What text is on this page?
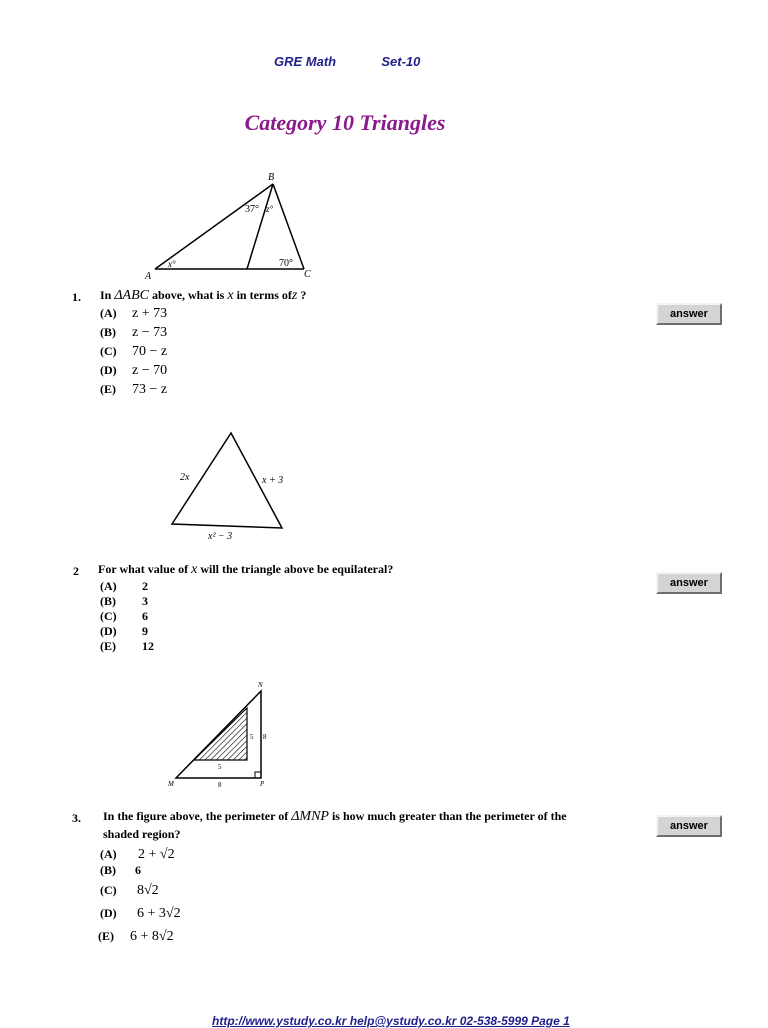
GRE Math	Set-10
Category 10 Triangles
B
A	C
37° z°
x°	70°
1. In ΔABC above, what is x in terms ofz ?
answer
(A) z + 73
(B) z − 73
(C) 70 − z
(D) z − 70
(E) 73 − z
2x	x + 3
x² − 3
2 For what value of x will the triangle above be equilateral?
answer
(A) 2
(B) 3
(C) 6
(D) 9
(E) 12
N
M	P
5 8
5
8
3. In the figure above, the perimeter of ΔMNP is how much greater than the perimeter of the
shaded region?
answer
(A) 2 + √2
(B) 6
(C) 8√2
(D) 6 + 3√2
(E) 6 + 8√2
http://www.ystudy.co.kr help@ystudy.co.kr 02-538-5999 Page 1
